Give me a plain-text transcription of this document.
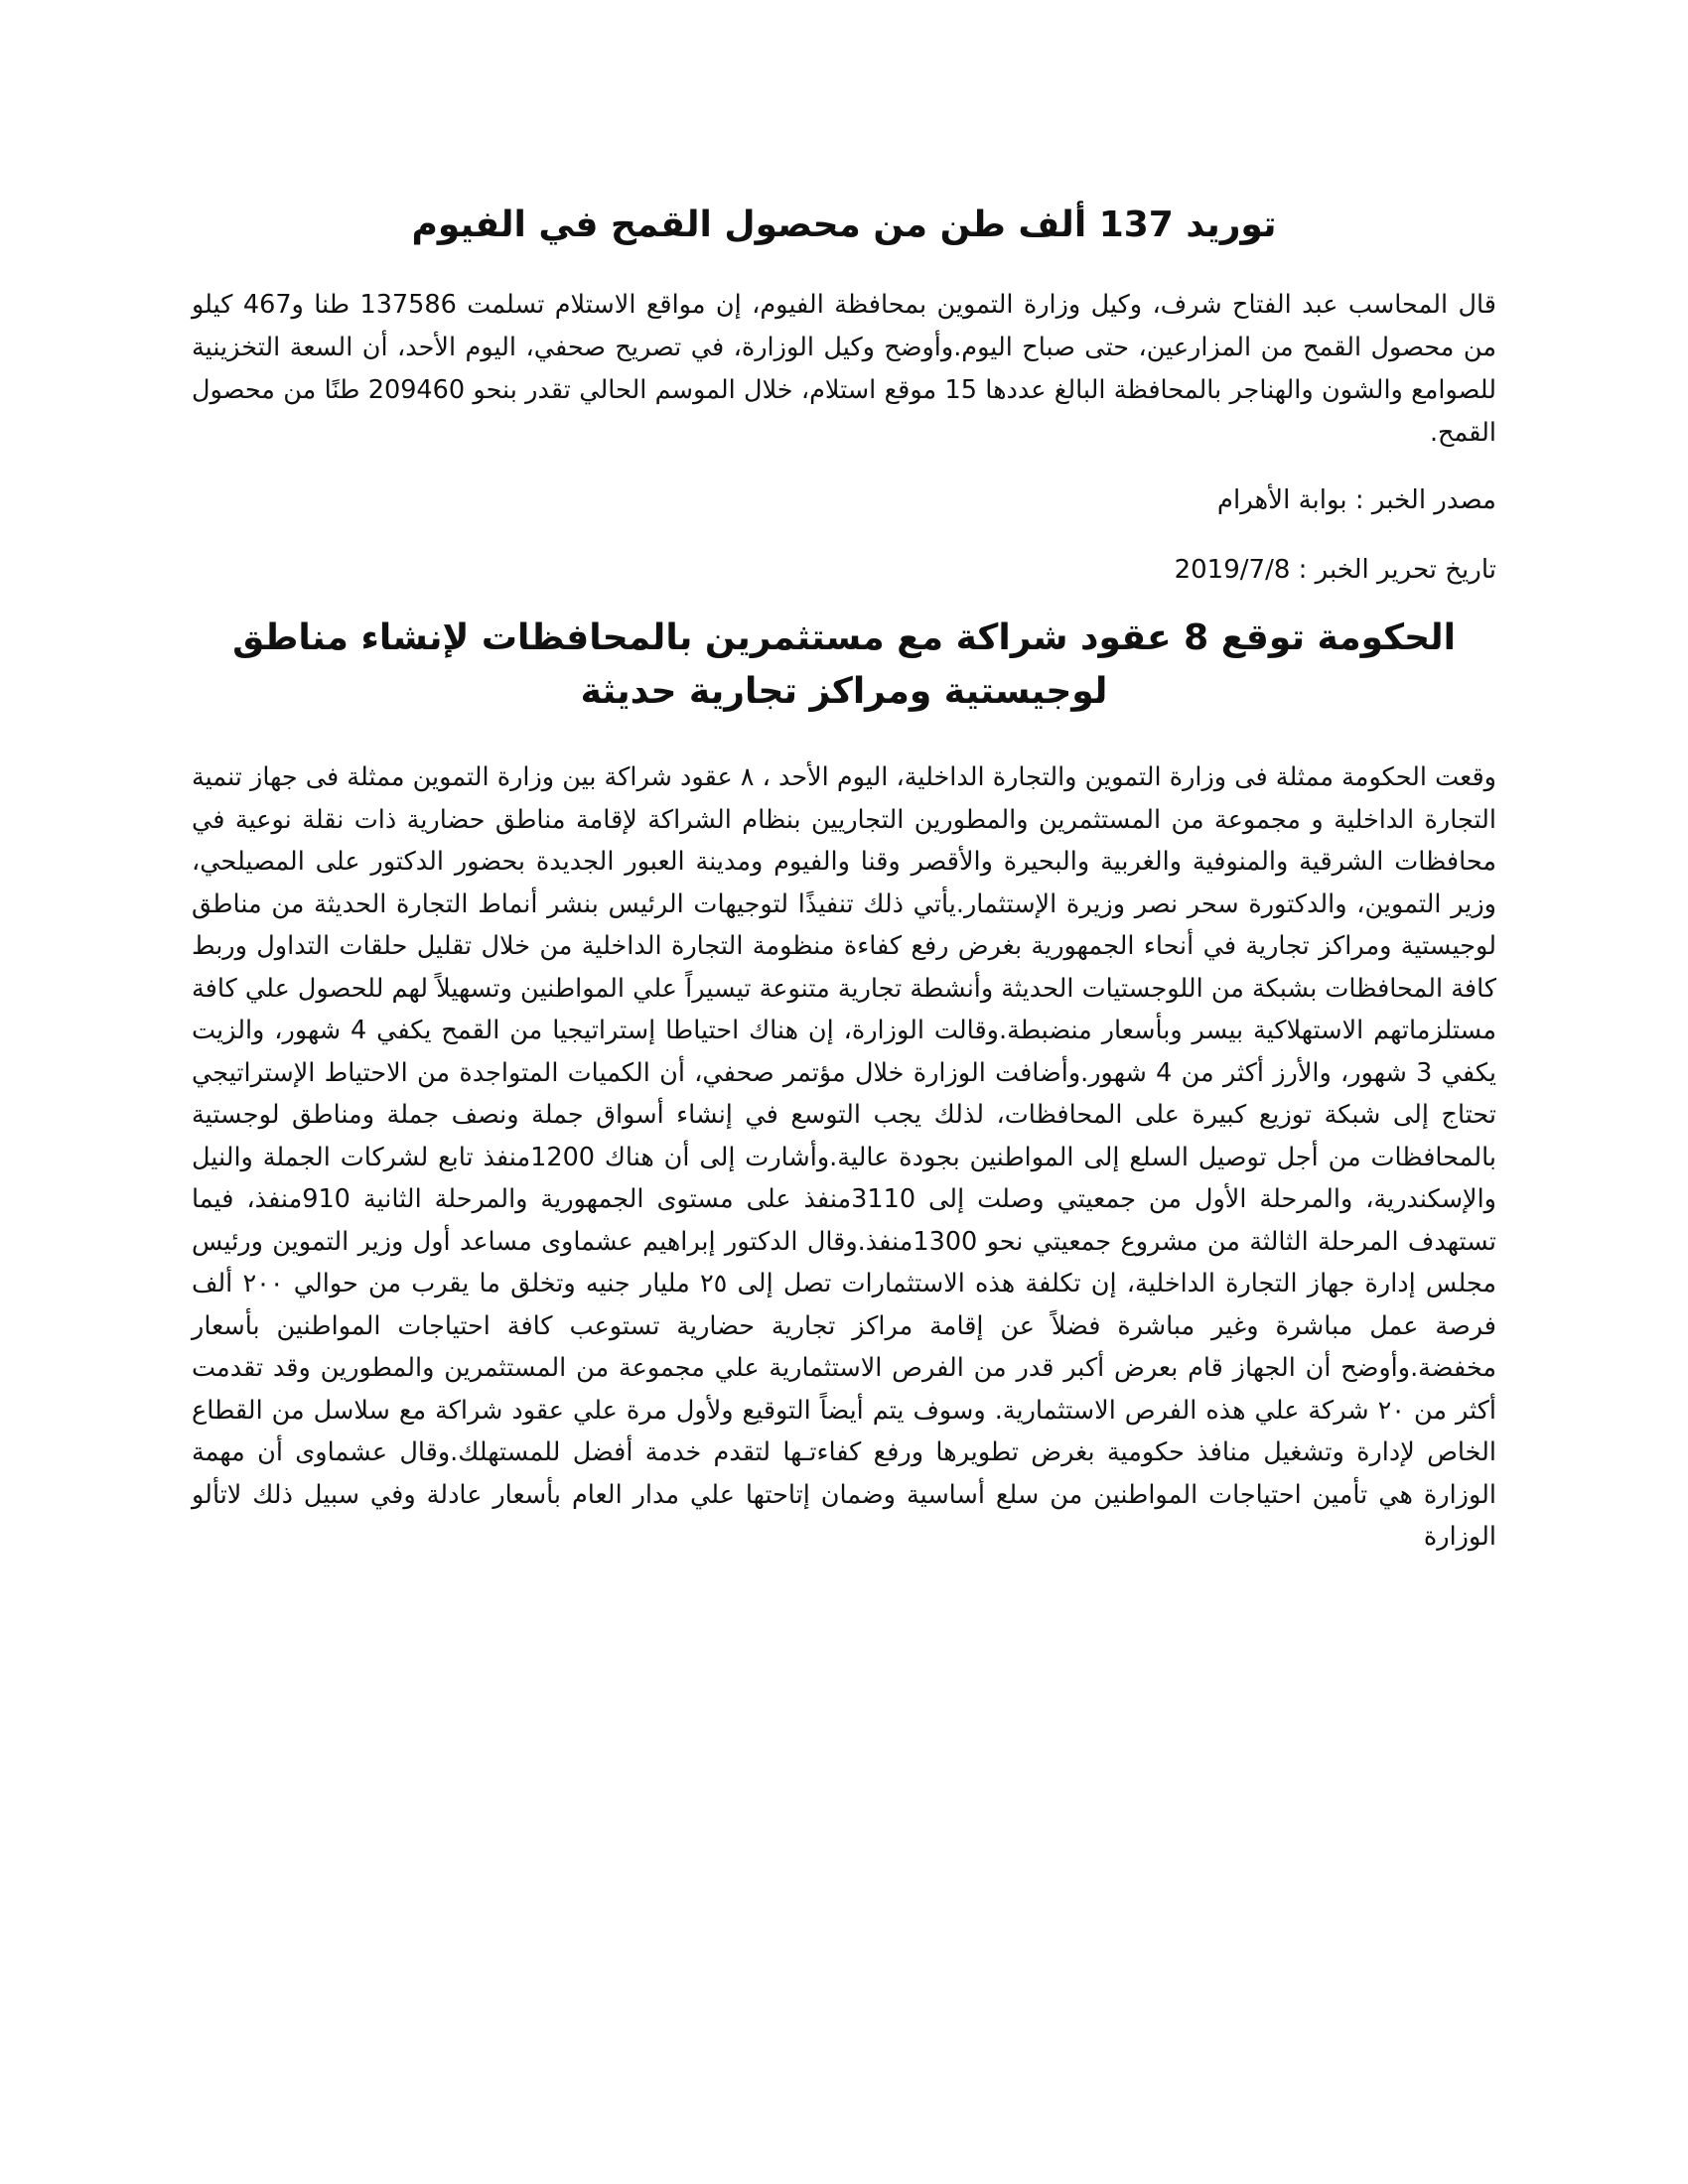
توريد 137 ألف طن من محصول القمح في الفيوم

قال المحاسب عبد الفتاح شرف، وكيل وزارة التموين بمحافظة الفيوم، إن مواقع الاستلام تسلمت 137586 طنا و467 كيلو من محصول القمح من المزارعين، حتى صباح اليوم.وأوضح وكيل الوزارة، في تصريح صحفي، اليوم الأحد، أن السعة التخزينية للصوامع والشون والهناجر بالمحافظة البالغ عددها 15 موقع استلام، خلال الموسم الحالي تقدر بنحو 209460 طنًا من محصول القمح.

مصدر الخبر : بوابة الأهرام

تاريخ تحرير الخبر : 2019/7/8

الحكومة توقع 8 عقود شراكة مع مستثمرين بالمحافظات لإنشاء مناطق لوجيستية ومراكز تجارية حديثة

وقعت الحكومة ممثلة فى وزارة التموين والتجارة الداخلية، اليوم الأحد ، ٨ عقود شراكة بين وزارة التموين ممثلة فى جهاز تنمية التجارة الداخلية و مجموعة من المستثمرين والمطورين التجاريين بنظام الشراكة لإقامة مناطق حضارية ذات نقلة نوعية في محافظات الشرقية والمنوفية والغربية والبحيرة والأقصر وقنا والفيوم ومدينة العبور الجديدة بحضور الدكتور على المصيلحي، وزير التموين، والدكتورة سحر نصر وزيرة الإستثمار.يأتي ذلك تنفيذًا لتوجيهات الرئيس بنشر أنماط التجارة الحديثة من مناطق لوجيستية ومراكز تجارية في أنحاء الجمهورية بغرض رفع كفاءة منظومة التجارة الداخلية من خلال تقليل حلقات التداول وربط كافة المحافظات بشبكة من اللوجستيات الحديثة وأنشطة تجارية متنوعة تيسيراً علي المواطنين وتسهيلاً لهم للحصول علي كافة مستلزماتهم الاستهلاكية بيسر وبأسعار منضبطة.وقالت الوزارة، إن هناك احتياطا إستراتيجيا من القمح يكفي 4 شهور، والزيت يكفي 3 شهور، والأرز أكثر من 4 شهور.وأضافت الوزارة خلال مؤتمر صحفي، أن الكميات المتواجدة من الاحتياط الإستراتيجي تحتاج إلى شبكة توزيع كبيرة على المحافظات، لذلك يجب التوسع في إنشاء أسواق جملة ونصف جملة ومناطق لوجستية بالمحافظات من أجل توصيل السلع إلى المواطنين بجودة عالية.وأشارت إلى أن هناك 1200منفذ تابع لشركات الجملة والنيل والإسكندرية، والمرحلة الأول من جمعيتي وصلت إلى 3110منفذ على مستوى الجمهورية والمرحلة الثانية 910منفذ، فيما تستهدف المرحلة الثالثة من مشروع جمعيتي نحو 1300منفذ.وقال الدكتور إبراهيم عشماوى مساعد أول وزير التموين ورئيس مجلس إدارة جهاز التجارة الداخلية، إن تكلفة هذه الاستثمارات تصل إلى ٢٥ مليار جنيه وتخلق ما يقرب من حوالي ٢٠٠ ألف فرصة عمل مباشرة وغير مباشرة فضلاً عن إقامة مراكز تجارية حضارية تستوعب كافة احتياجات المواطنين بأسعار مخفضة.وأوضح أن الجهاز قام بعرض أكبر قدر من الفرص الاستثمارية علي مجموعة من المستثمرين والمطورين وقد تقدمت أكثر من ٢٠ شركة علي هذه الفرص الاستثمارية. وسوف يتم أيضاً التوقيع ولأول مرة علي عقود شراكة مع سلاسل من القطاع الخاص لإدارة وتشغيل منافذ حكومية بغرض تطويرها ورفع كفاءتـها لتقدم خدمة أفضل للمستهلك.وقال عشماوى أن مهمة الوزارة هي تأمين احتياجات المواطنين من سلع أساسية وضمان إتاحتها علي مدار العام بأسعار عادلة وفي سبيل ذلك لاتألو الوزارة
